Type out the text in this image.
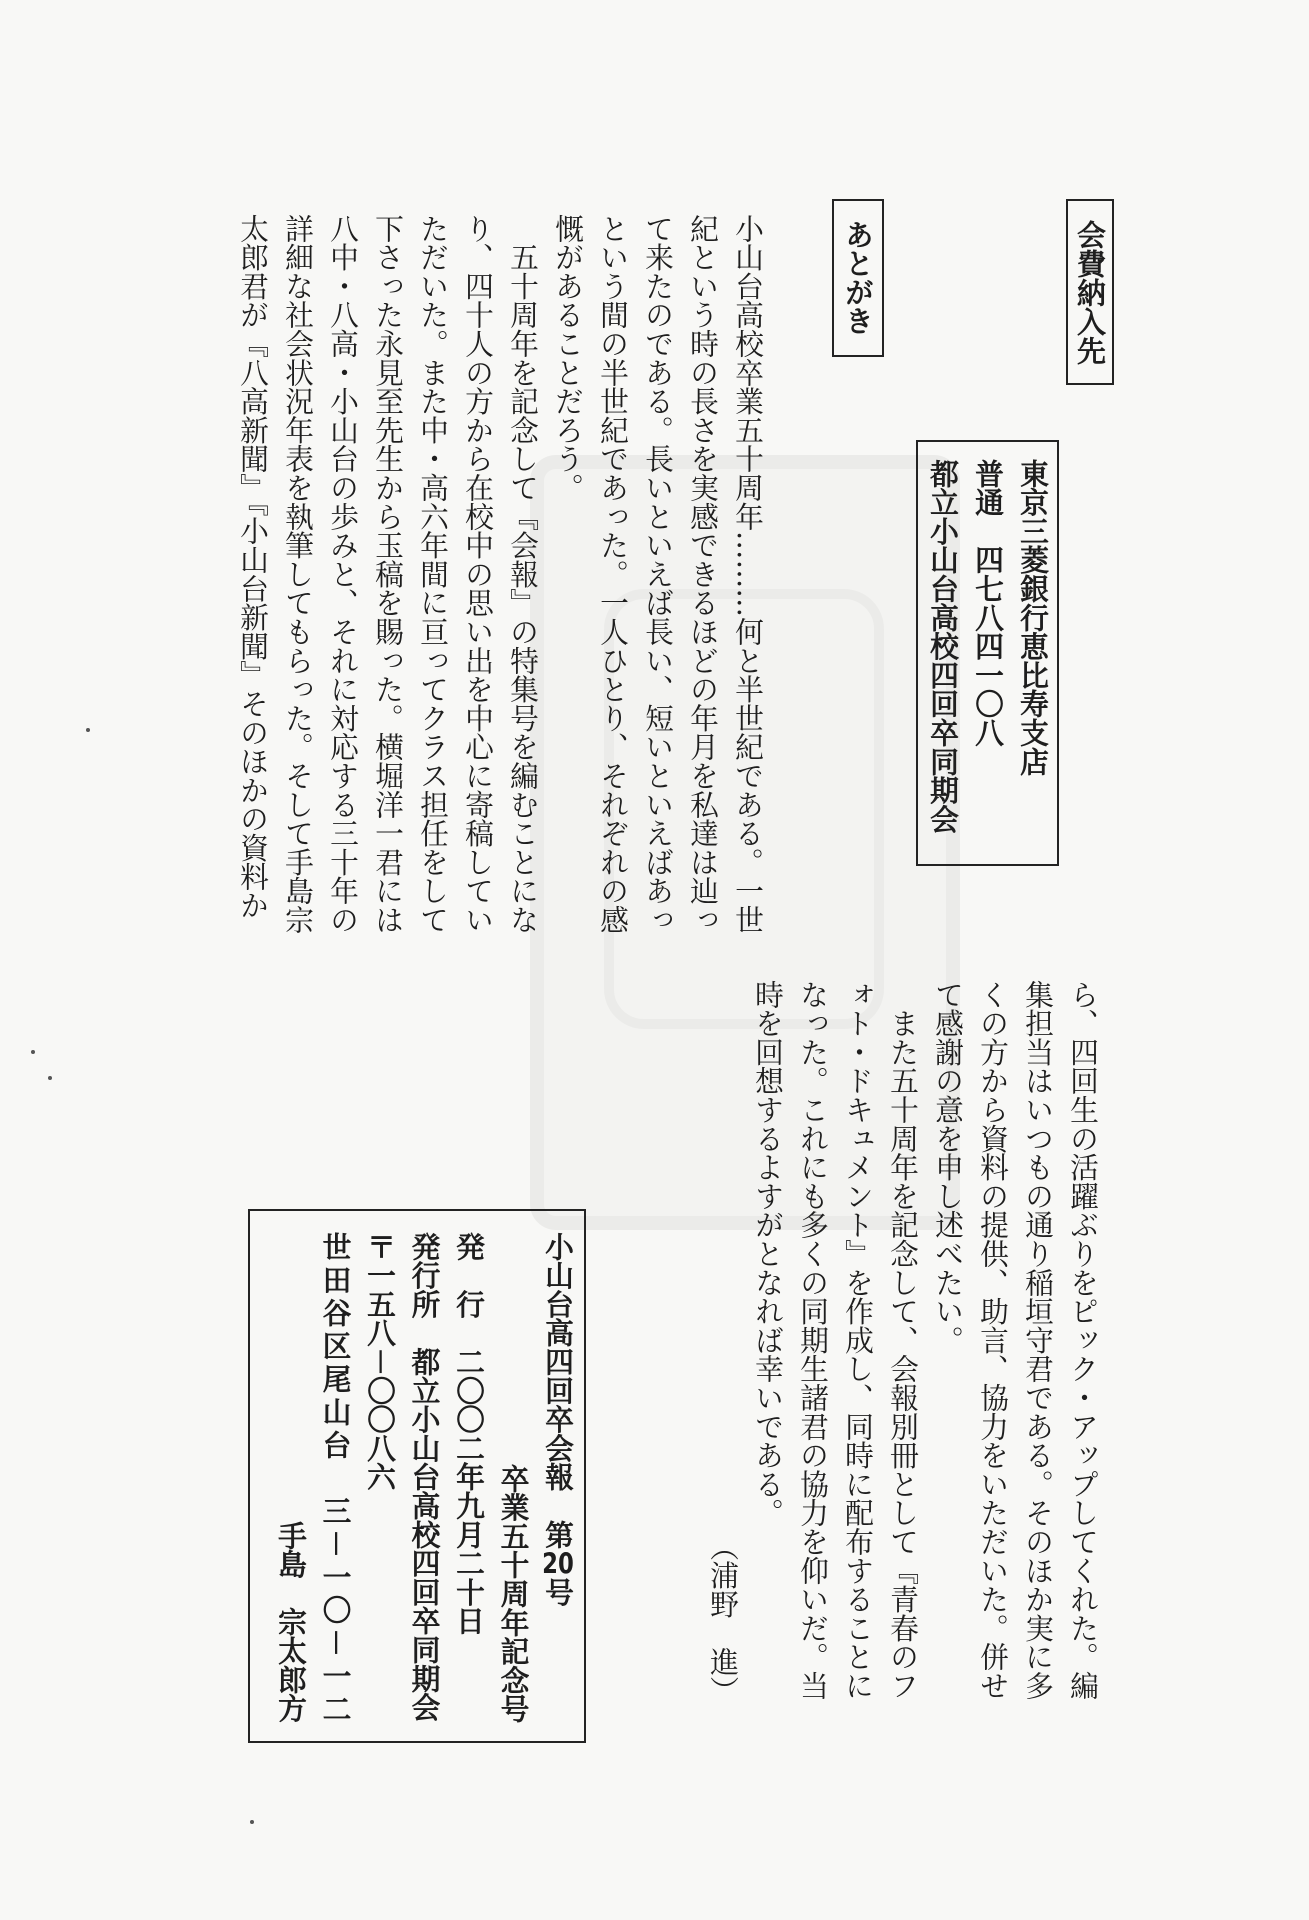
会費納入先
東京三菱銀行恵比寿支店
普通　四七八四一〇八
都立小山台高校四回卒同期会
あとがき
小山台高校卒業五十周年………何と半世紀である。一世
紀という時の長さを実感できるほどの年月を私達は辿っ
て来たのである。長いといえば長い、短いといえばあっ
という間の半世紀であった。一人ひとり、それぞれの感
慨があることだろう。
　五十周年を記念して『会報』の特集号を編むことにな
り、四十人の方から在校中の思い出を中心に寄稿してい
ただいた。また中・高六年間に亘ってクラス担任をして
下さった永見至先生から玉稿を賜った。横堀洋一君には
八中・八高・小山台の歩みと、それに対応する三十年の
詳細な社会状況年表を執筆してもらった。そして手島宗
太郎君が『八高新聞』『小山台新聞』そのほかの資料か
ら、四回生の活躍ぶりをピック・アップしてくれた。編
集担当はいつもの通り稲垣守君である。そのほか実に多
くの方から資料の提供、助言、協力をいただいた。併せ
て感謝の意を申し述べたい。
　また五十周年を記念して、会報別冊として『青春のフ
ォト・ドキュメント』を作成し、同時に配布することに
なった。これにも多くの同期生諸君の協力を仰いだ。当
時を回想するよすがとなれば幸いである。
（浦野　進）
小山台高四回卒会報　第20号
卒業五十周年記念号
発　行　二〇〇二年九月二十日
発行所　都立小山台高校四回卒同期会
〒一五八－〇〇八六
世田谷区尾山台　三－一〇－一二
手島　宗太郎方
